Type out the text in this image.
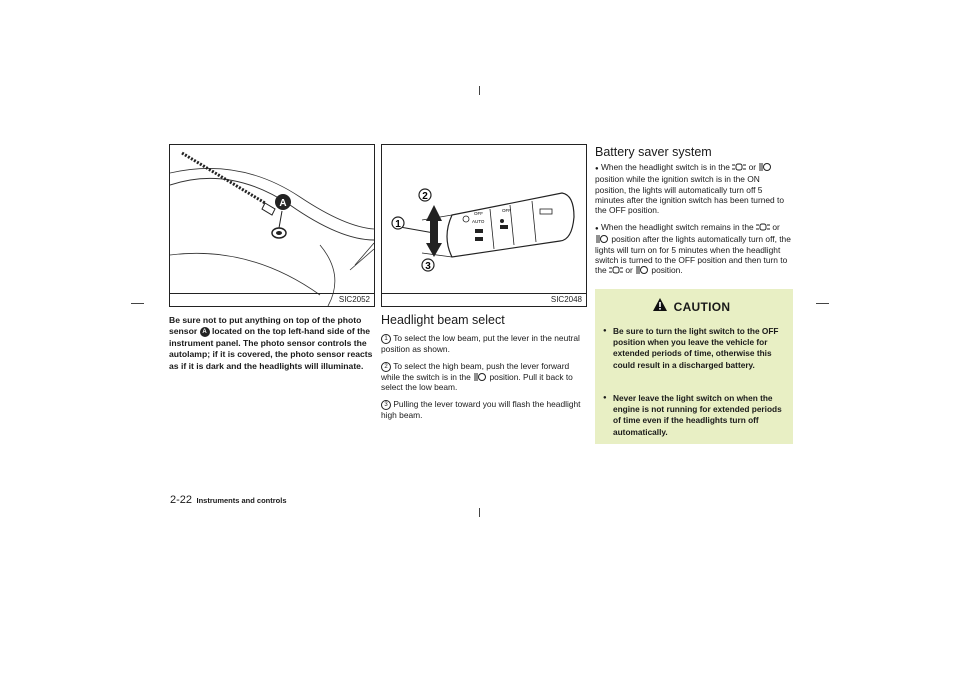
A
SIC2052
2
1
3
OFF
AUTO
OFF
SIC2048
Be sure not to put anything on top of the photo sensor A located on the top left-hand side of the instrument panel. The photo sensor controls the autolamp; if it is covered, the photo sensor reacts as if it is dark and the headlights will illuminate.
Headlight beam select
1 To select the low beam, put the lever in the neutral position as shown.
2 To select the high beam, push the lever forward while the switch is in the position. Pull it back to select the low beam.
3 Pulling the lever toward you will flash the headlight high beam.
Battery saver system
● When the headlight switch is in the or  position while the ignition switch is in the ON position, the lights will automatically turn off 5 minutes after the ignition switch has been turned to the OFF position.
● When the headlight switch remains in the or  position after the lights automatically turn off, the lights will turn on for 5 minutes when the headlight switch is turned to the OFF position and then turn to the or position.
CAUTION
● Be sure to turn the light switch to the OFF position when you leave the vehicle for extended periods of time, otherwise this could result in a discharged battery.
● Never leave the light switch on when the engine is not running for extended periods of time even if the headlights turn off automatically.
2-22 Instruments and controls
